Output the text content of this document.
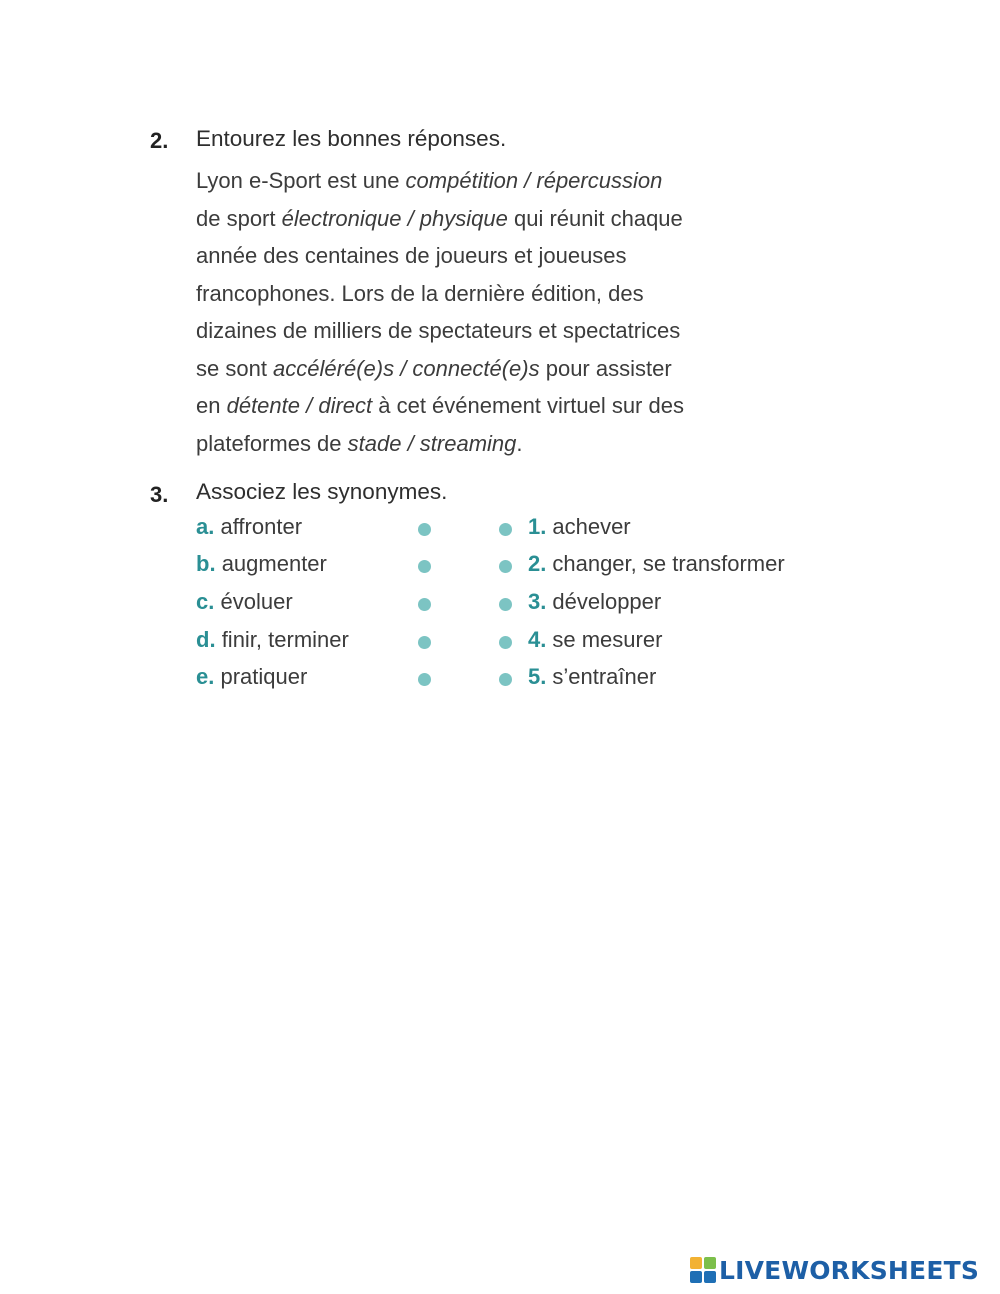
2. Entourez les bonnes réponses.
Lyon e-Sport est une compétition / répercussion
de sport électronique / physique qui réunit chaque
année des centaines de joueurs et joueuses
francophones. Lors de la dernière édition, des
dizaines de milliers de spectateurs et spectatrices
se sont accéléré(e)s / connecté(e)s pour assister
en détente / direct à cet événement virtuel sur des
plateformes de stade / streaming.
3. Associez les synonymes.
a. affronter	1. achever
b. augmenter	2. changer, se transformer
c. évoluer	3. développer
d. finir, terminer	4. se mesurer
e. pratiquer	5. s’entraîner
LIVEWORKSHEETS
